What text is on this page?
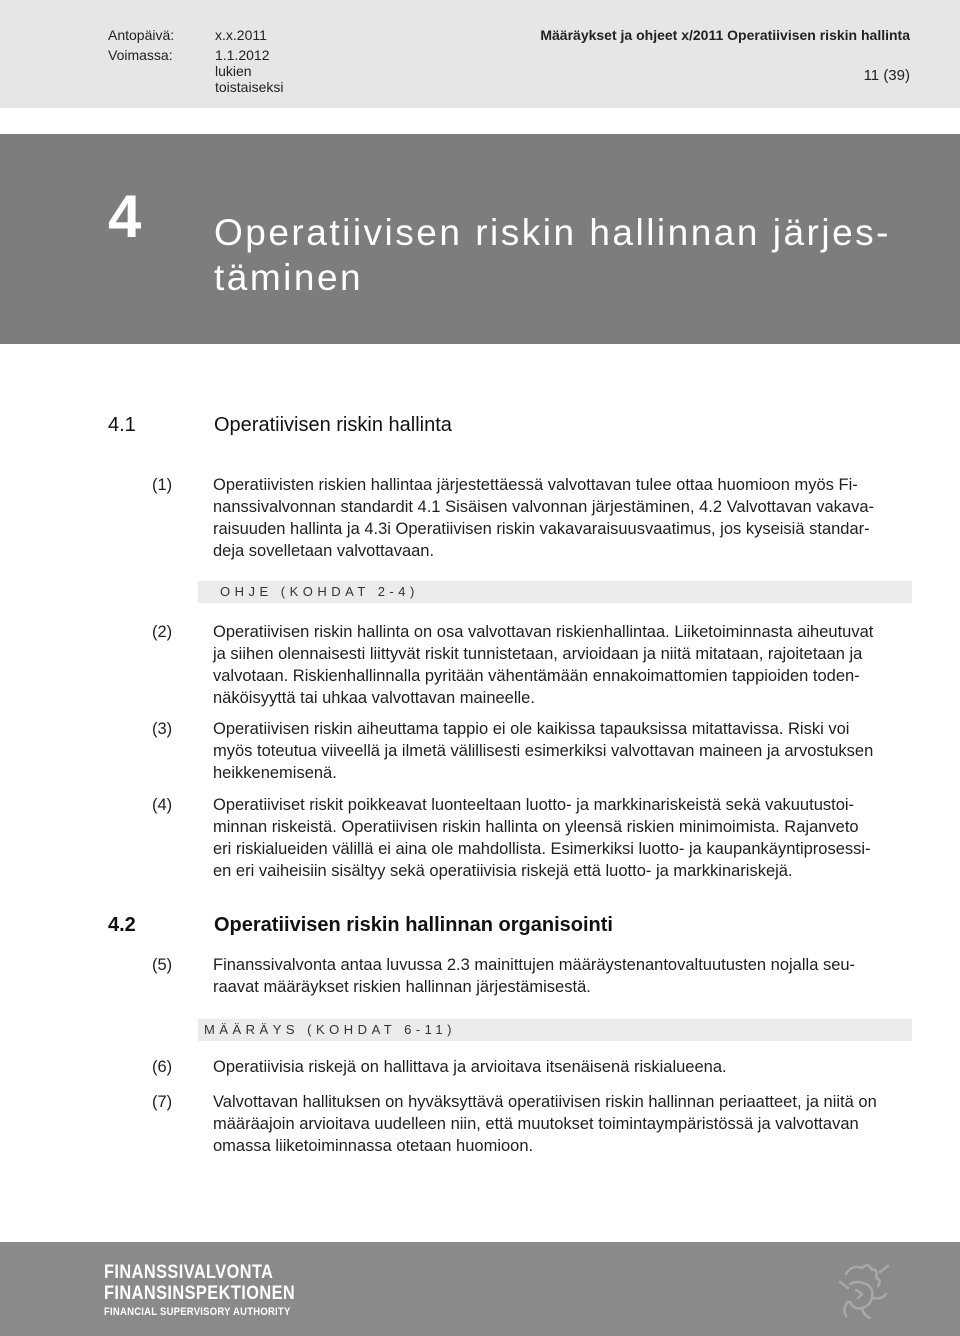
Antopäivä:	x.x.2011
Voimassa:	1.1.2012 lukien toistaiseksi
Määräykset ja ohjeet x/2011 Operatiivisen riskin hallinta
11 (39)
4 Operatiivisen riskin hallinnan järjes-
täminen
4.1	Operatiivisen riskin hallinta
(1) Operatiivisten riskien hallintaa järjestettäessä valvottavan tulee ottaa huomioon myös Fi-
nanssivalvonnan standardit 4.1 Sisäisen valvonnan järjestäminen, 4.2 Valvottavan vakava-
raisuuden hallinta ja 4.3i Operatiivisen riskin vakavaraisuusvaatimus, jos kyseisiä standar-
deja sovelletaan valvottavaan.
OHJE (KOHDAT 2-4)
(2) Operatiivisen riskin hallinta on osa valvottavan riskienhallintaa. Liiketoiminnasta aiheutuvat
ja siihen olennaisesti liittyvät riskit tunnistetaan, arvioidaan ja niitä mitataan, rajoitetaan ja
valvotaan. Riskienhallinnalla pyritään vähentämään ennakoimattomien tappioiden toden-
näköisyyttä tai uhkaa valvottavan maineelle.
(3) Operatiivisen riskin aiheuttama tappio ei ole kaikissa tapauksissa mitattavissa. Riski voi
myös toteutua viiveellä ja ilmetä välillisesti esimerkiksi valvottavan maineen ja arvostuksen
heikkenemisenä.
(4) Operatiiviset riskit poikkeavat luonteeltaan luotto- ja markkinariskeistä sekä vakuutustoi-
minnan riskeistä. Operatiivisen riskin hallinta on yleensä riskien minimoimista. Rajanveto
eri riskialueiden välillä ei aina ole mahdollista. Esimerkiksi luotto- ja kaupankäyntiprosessi-
en eri vaiheisiin sisältyy sekä operatiivisia riskejä että luotto- ja markkinariskejä.
4.2	Operatiivisen riskin hallinnan organisointi
(5) Finanssivalvonta antaa luvussa 2.3 mainittujen määräystenantovaltuutusten nojalla seu-
raavat määräykset riskien hallinnan järjestämisestä.
MÄÄRÄYS (KOHDAT 6-11)
(6) Operatiivisia riskejä on hallittava ja arvioitava itsenäisenä riskialueena.
(7) Valvottavan hallituksen on hyväksyttävä operatiivisen riskin hallinnan periaatteet, ja niitä on
määräajoin arvioitava uudelleen niin, että muutokset toimintaympäristössä ja valvottavan
omassa liiketoiminnassa otetaan huomioon.
FINANSSIVALVONTA
FINANSINSPEKTIONEN
FINANCIAL SUPERVISORY AUTHORITY
